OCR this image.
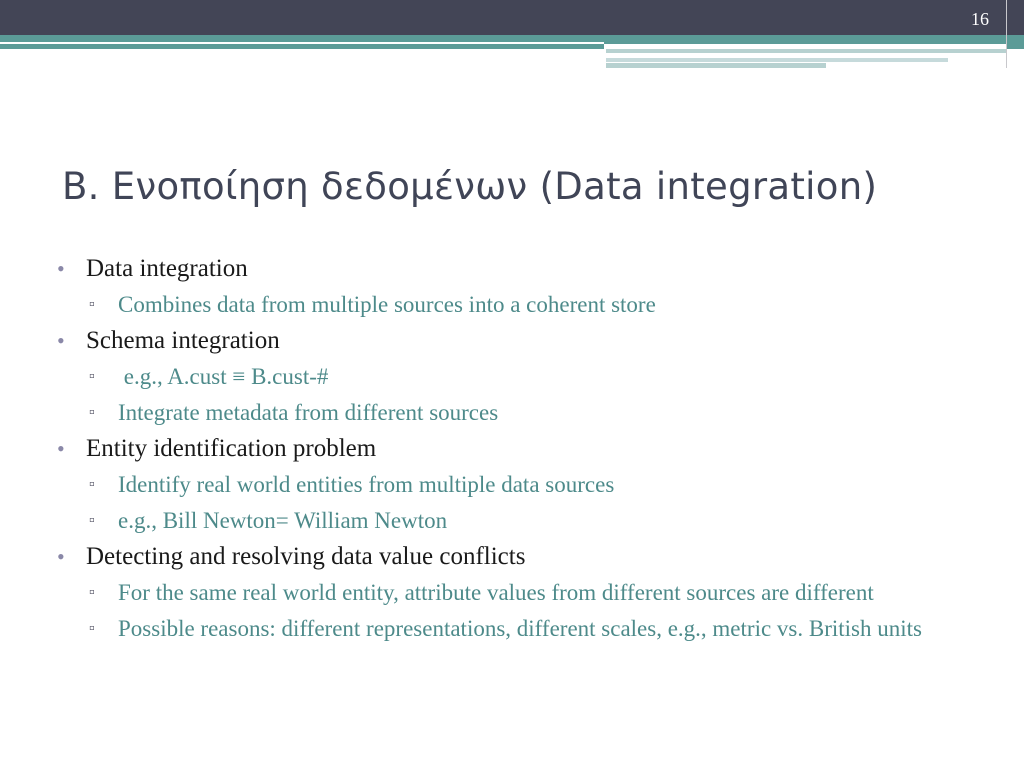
16
B. Ενοποίηση δεδομένων (Data integration)
• Data integration
▫ Combines data from multiple sources into a coherent store
• Schema integration
▫ e.g., A.cust ≡ B.cust-#
▫ Integrate metadata from different sources
• Entity identification problem
▫ Identify real world entities from multiple data sources
▫ e.g., Bill Newton= William Newton
• Detecting and resolving data value conflicts
▫ For the same real world entity, attribute values from different sources are different
▫ Possible reasons: different representations, different scales, e.g., metric vs. British units
